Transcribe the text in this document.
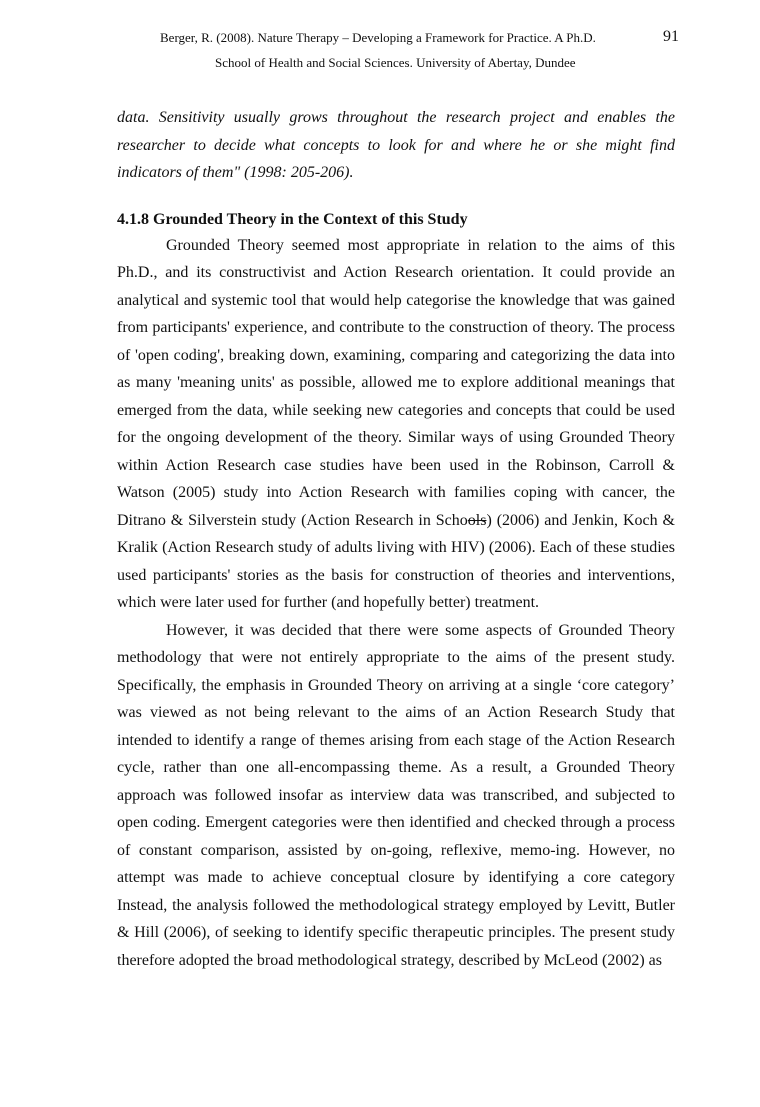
Berger, R. (2008). Nature Therapy – Developing a Framework for Practice. A Ph.D.	91
School of Health and Social Sciences. University of Abertay, Dundee

data. Sensitivity usually grows throughout the research project and enables the researcher to decide what concepts to look for and where he or she might find indicators of them" (1998: 205-206).

4.1.8 Grounded Theory in the Context of this Study

Grounded Theory seemed most appropriate in relation to the aims of this Ph.D., and its constructivist and Action Research orientation. It could provide an analytical and systemic tool that would help categorise the knowledge that was gained from participants' experience, and contribute to the construction of theory. The process of 'open coding', breaking down, examining, comparing and categorizing the data into as many 'meaning units' as possible, allowed me to explore additional meanings that emerged from the data, while seeking new categories and concepts that could be used for the ongoing development of the theory. Similar ways of using Grounded Theory within Action Research case studies have been used in the Robinson, Carroll & Watson (2005) study into Action Research with families coping with cancer, the Ditrano & Silverstein study (Action Research in Schools) (2006) and Jenkin, Koch & Kralik (Action Research study of adults living with HIV) (2006). Each of these studies used participants' stories as the basis for construction of theories and interventions, which were later used for further (and hopefully better) treatment.

However, it was decided that there were some aspects of Grounded Theory methodology that were not entirely appropriate to the aims of the present study. Specifically, the emphasis in Grounded Theory on arriving at a single ‘core category’ was viewed as not being relevant to the aims of an Action Research Study that intended to identify a range of themes arising from each stage of the Action Research cycle, rather than one all-encompassing theme. As a result, a Grounded Theory approach was followed insofar as interview data was transcribed, and subjected to open coding. Emergent categories were then identified and checked through a process of constant comparison, assisted by on-going, reflexive, memo-ing. However, no attempt was made to achieve conceptual closure by identifying a core category Instead, the analysis followed the methodological strategy employed by Levitt, Butler & Hill (2006), of seeking to identify specific therapeutic principles. The present study therefore adopted the broad methodological strategy, described by McLeod (2002) as
